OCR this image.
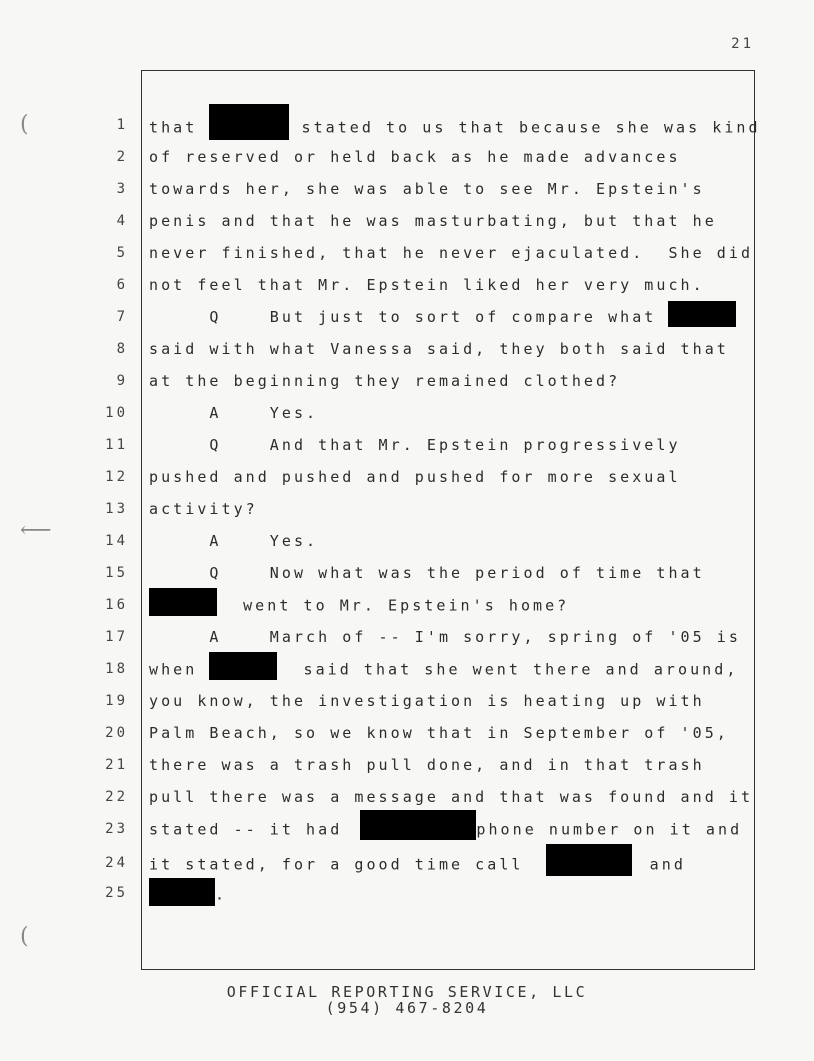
21
(
⟵
(
1 that	stated to us that because she was kind
2 of reserved or held back as he made advances
3 towards her, she was able to see Mr. Epstein's
4 penis and that he was masturbating, but that he
5 never finished, that he never ejaculated.  She did
6 not feel that Mr. Epstein liked her very much.
7 Q    But just to sort of compare what
8 said with what Vanessa said, they both said that
9 at the beginning they remained clothed?
10 A    Yes.
11 Q    And that Mr. Epstein progressively
12 pushed and pushed and pushed for more sexual
13 activity?
14 A    Yes.
15 Q    Now what was the period of time that
16	went to Mr. Epstein's home?
17 A    March of -- I'm sorry, spring of '05 is
18 when	said that she went there and around,
19 you know, the investigation is heating up with
20 Palm Beach, so we know that in September of '05,
21 there was a trash pull done, and in that trash
22 pull there was a message and that was found and it
23 stated -- it had	phone number on it and
24 it stated, for a good time call	and
25	.
OFFICIAL REPORTING SERVICE, LLC
(954) 467-8204
